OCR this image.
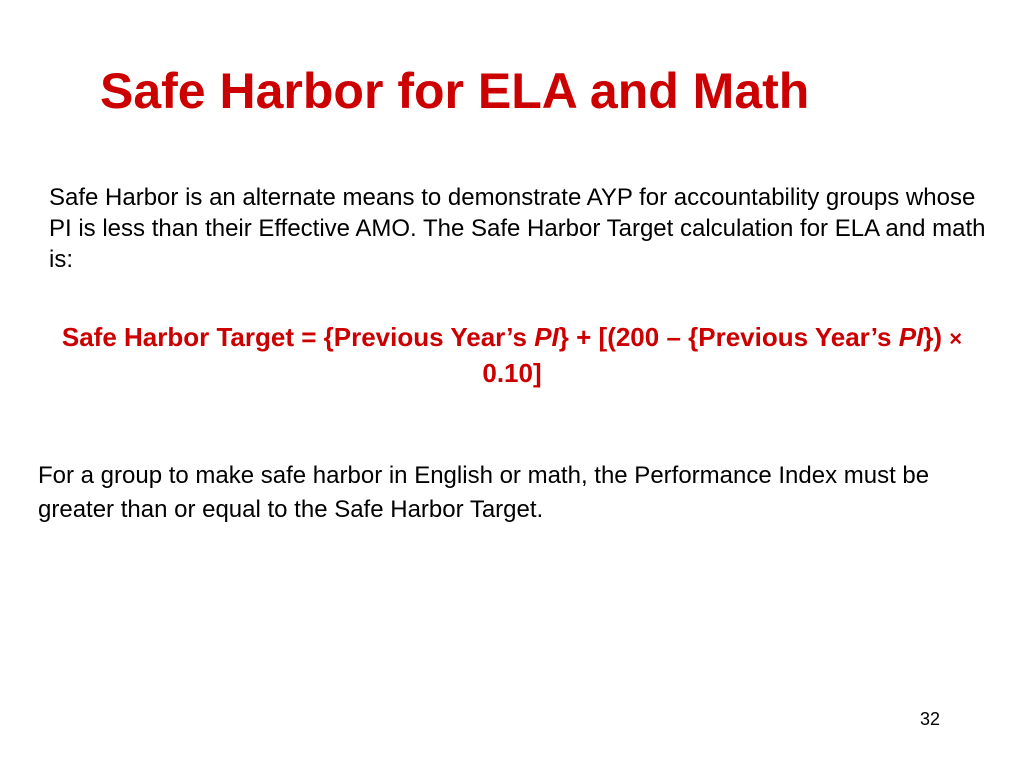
Safe Harbor for ELA and Math
Safe Harbor is an alternate means to demonstrate AYP for accountability groups whose PI is less than their Effective AMO. The Safe Harbor Target calculation for ELA and math is:
Safe Harbor Target = {Previous Year’s PI} + [(200 – {Previous Year’s PI}) × 0.10]
For a group to make safe harbor in English or math, the Performance Index must be greater than or equal to the Safe Harbor Target.
32
